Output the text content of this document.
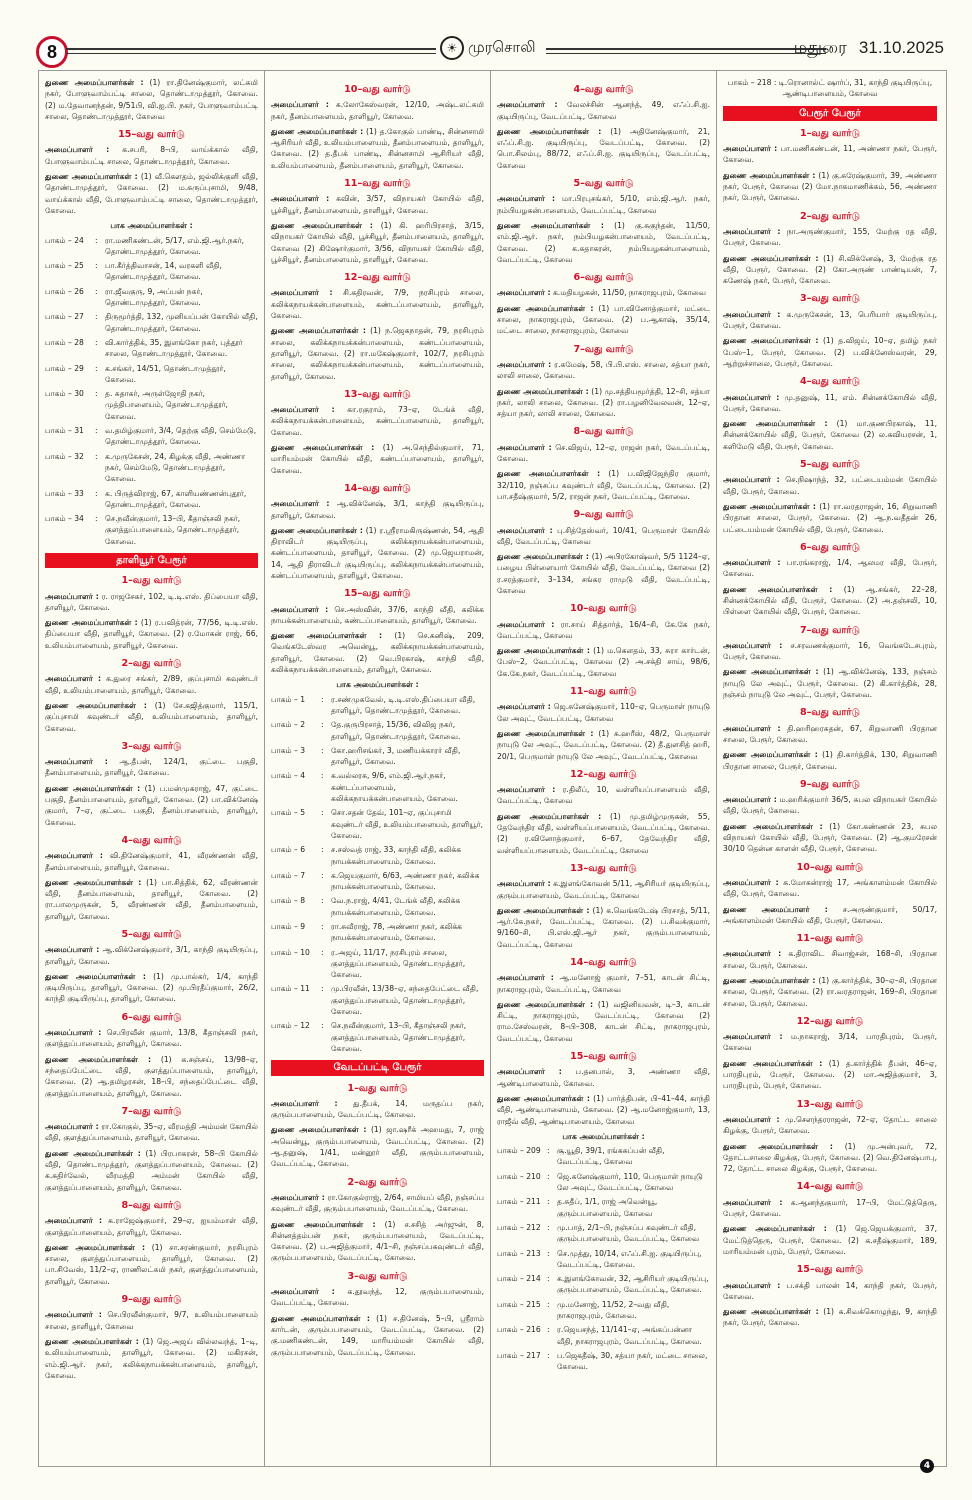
8	☀ முரசொலி	மதுரை 31.10.2025
துணை அமைப்பாளர்கள் : (1) ரா.தினேஷ்குமார், லட்சுமி நகர், போளுவாம்பட்டி சாலை, தொண்டாமுத்தூர், கோவை. (2) ம.தேவானந்தன், 9/51பி, வி.ஐ.பி. நகர், போளுவாம்பட்டி சாலை, தொண்டாமுத்தூர், கோவை
15–வது வார்டு
அமைப்பாளர் : க.சபரி, 8–பி, வாய்க்கால் வீதி, போளுவாம்பட்டி சாலை, தொண்டாமுத்தூர், கோவை.
துணை அமைப்பாளர்கள் : (1) வீ.கௌதம், ஜல்லிக்குளி வீதி, தொண்டாமுத்தூர், கோவை. (2) ம.சுருப்புசாமி, 9/48, வாய்க்கால் வீதி, போளுவாம்பட்டி சாலை, தொண்டாமுத்தூர், கோவை.
பாக அமைப்பாளர்கள் :
பாகம் – 24	: ரா.மணிகண்டன், 5/17, எம்.ஜி.ஆர்.நகர், தொண்டாமுத்தூர், கோவை.
பாகம் – 25	: பா.கீர்த்திவாசன், 14, வரகளி வீதி, தொண்டாமுத்தூர், கோவை.
பாகம் – 26	: ரா.ஜீவகுரு, 9, அப்பன் நகர், தொண்டாமுத்தூர், கோவை.
பாகம் – 27	: திருமூர்த்தி, 132, முனியப்பன் கோயில் வீதி, தொண்டாமுத்தூர், கோவை.
பாகம் – 28	: வி.கார்த்திக், 35, இளங்கோ நகர், புத்தூர் சாலை, தொண்டாமுத்தூர், கோவை.
பாகம் – 29	: க.சங்கர், 14/51, தொண்டாமுத்தூர், கோவை.
பாகம் – 30	: த. சுதாகர், அருள்ஜோதி நகர், முத்திபாளையம், தொண்டாமுத்தூர், கோவை.
பாகம் – 31	: வ.தமிழ்குமார், 3/4, தெற்கு வீதி, செம்மேடு, தொண்டாமுத்தூர், கோவை.
பாகம் – 32	: க.முருகேசன், 24, கிழக்கு வீதி, அண்ணா நகர், செம்மேடு, தொண்டாமுத்தூர், கோவை.
பாகம் – 33	: க. பிருத்விராஜ், 67, காளியண்ணன்புதூர், தொண்டாமுத்தூர், கோவை.
பாகம் – 34	: செ.நவீன்குமார், 13–பி, கீதாஞ்சலி நகர், குளத்துப்பாளையம், தொண்டாமுத்தூர், கோவை.
தாளியூர் பேரூர்
1–வது வார்டு
அமைப்பாளர் : ர. ராஜசேகர், 102, டி.டி.எஸ். திப்பையா வீதி, தாளியூர், கோவை.
துணை அமைப்பாளர்கள் : (1) ர.பவித்ரன், 77/56, டி.டி.எஸ். திப்பையா வீதி, தாளியூர், கோவை. (2) ர.மோகன் ராஜ், 66, உலியம்பாளையம், தாளியூர், கோவை.
2–வது வார்டு
அமைப்பாளர் : க.துரை சங்கர், 2/89, குப்புசாமி கவுண்டர் வீதி, உலியம்பாளையம், தாளியூர், கோவை.
துணை அமைப்பாளர்கள் : (1) சே.கஜித்குமார், 115/1, குப்புசாமி கவுண்டர் வீதி, உலியம்பாளையம், தாளியூர், கோவை.
3–வது வார்டு
அமைப்பாளர் : ஆ.தீபன், 124/1, குட்டை பகுதி, தீனம்பாளையம், தாளியூர், கோவை.
துணை அமைப்பாளர்கள் : (1) ப.மன்முகராஜ், 47, குட்டை பகுதி, தீனம்பாளையம், தாளியூர், கோவை. (2) பா.விக்னேஷ் குமார், 7–ஏ, குட்டை பகுதி, தீனம்பாளையம், தாளியூர், கோவை.
4–வது வார்டு
அமைப்பாளர் : வி.தினேஷ்குமார், 41, வீரண்ணன் வீதி, தீனம்பாளையம், தாளியூர், கோவை.
துணை அமைப்பாளர்கள் : (1) பா.சித்திக், 62, வீரண்ணன் வீதி, தீனம்பாளையம், தாளியூர், கோவை. (2) ரா.பாலமுருகன், 5, வீரண்ணன் வீதி, தீனம்பாளையம், தாளியூர், கோவை.
5–வது வார்டு
அமைப்பாளர் : ஆ.விக்னேஷ்குமார், 3/1, காந்தி குடியிருப்பு, தாளியூர், கோவை.
துணை அமைப்பாளர்கள் : (1) மு.பால்கர், 1/4, காந்தி குடியிருப்பு, தாளியூர், கோவை. (2) மு.பிரதீப்குமார், 26/2, காந்தி குடியிருப்பு, தாளியூர், கோவை.
6–வது வார்டு
அமைப்பாளர் : செ.பிரவீன் குமார், 13/8, கீதாஞ்சலி நகர், குளத்துப்பாளையம், தாளியூர், கோவை.
துணை அமைப்பாளர்கள் : (1) க.சஞ்சய், 13/98–ஏ, சந்தைப்பேட்டை வீதி, குளத்துப்பாளையம், தாளியூர், கோவை. (2) ஆ.தமிழரசன், 18–பி, சந்தைப்பேட்டை வீதி, குளத்துப்பாளையம், தாளியூர், கோவை.
7–வது வார்டு
அமைப்பாளர் : ரா.கோகுல், 35–ஏ, வீரமத்தி அம்மன் கோயில் வீதி, குளத்துப்பாளையம், தாளியூர், கோவை.
துணை அமைப்பாளர்கள் : (1) பிரபாகரன், 58–பி கோயில் வீதி, தொண்டாமுத்தூர், குளத்துப்பாளையம், கோவை. (2) க.கதிர்வேல், வீரமத்தி அம்மன் கோயில் வீதி, குளத்துப்பாளையம், தாளியூர், கோவை.
8–வது வார்டு
அமைப்பாளர் : க.ராஜேஷ்குமார், 29–ஏ, ஐயம்மாள் வீதி, குளத்துப்பாளையம், தாளியூர், கோவை.
துணை அமைப்பாளர்கள் : (1) சா.சரண்குமார், நரசிபுரம் சாலை, குளத்துப்பாளையம், தாளியூர், கோவை. (2) பா.சிவேஸ், 11/2–ஏ, ராணிலட்சுமி நகர், குளத்துப்பாளையம், தாளியூர், கோவை.
9–வது வார்டு
அமைப்பாளர் : செ.பிரவீன்குமார், 9/7, உலியம்பாளையம் சாலை, தாளியூர், கோவை
துணை அமைப்பாளர்கள் : (1) ஜெ.அஜய் வில்லவந்த், 1–டி, உலியம்பாளையம், தாளியூர், கோவை. (2) மகிரசன், எம்.ஜி.ஆர். நகர், கலிக்கநாயக்கன்பாளையம், தாளியூர், கோவை.
10–வது வார்டு
அமைப்பாளர் : க.லோகேஸ்வரன், 12/10, அஷ்டலட்சுமி நகர், தீனம்பாளையம், தாளியூர், கோவை.
துணை அமைப்பாளர்கள் : (1) த.கோகுல் பாண்டி, சின்னசாமி ஆசிரியர் வீதி, உலியம்பாளையம், தீனம்பாளையம், தாளியூர், கோவை. (2) த.தீபக் பாண்டி, சின்னசாமி ஆசிரியர் வீதி, உலியம்பாளையம், தீனம்பாளையம், தாளியூர், கோவை.
11–வது வார்டு
அமைப்பாளர் : கவின், 3/57, விநாயகர் கோயில் வீதி, பூச்சியூர், தீனம்பாளையம், தாளியூர், கோவை.
துணை அமைப்பாளர்கள் : (1) கி. ஹரிபிரசாத், 3/15, விநாயகர் கோயில் வீதி, பூச்சியூர், தீனம்பாளையம், தாளியூர், கோவை (2) கிஷோர்குமார், 3/56, விநாயகர் கோயில் வீதி, பூச்சியூர், தீனம்பாளையம், தாளியூர், கோவை.
12–வது வார்டு
அமைப்பாளர் : சி.கதிரவன், 7/9, நரசிபுரம் சாலை, கலிக்கநாயக்கன்பாளையம், கண்டப்பாளையம், தாளியூர், கோவை.
துணை அமைப்பாளர்கள் : (1) ந.ஜெகநாதன், 79, நரசிபுரம் சாலை, கலிக்கநாயக்கன்பாளையம், கண்டப்பாளையம், தாளியூர், கோவை. (2) ரா.மகேஷ்குமார், 102/7, நரசிபுரம் சாலை, கலிக்கநாயக்கன்பாளையம், கண்டப்பாளையம், தாளியூர், கோவை.
13–வது வார்டு
அமைப்பாளர் : கா.ரகுராம், 73–ஏ, டேங்க் வீதி, கலிக்கநாயக்கன்பாளையம், கண்டப்பாளையம், தாளியூர், கோவை.
துணை அமைப்பாளர்கள் : (1) அ.செந்தில்குமார், 71, மாரியம்மன் கோயில் வீதி, கண்டப்பாளையம், தாளியூர், கோவை.
14–வது வார்டு
அமைப்பாளர் : ஆ.விக்னேஷ், 3/1, காந்தி குடியிருப்பு, தாளியூர், கோவை.
துணை அமைப்பாளர்கள் : (1) ர.ஸ்ரீராமகிருஷ்ணன், 54, ஆதி திராவிடர் குடியிருப்பு, கலிக்கநாயக்கன்பாளையம், கண்டப்பாளையம், தாளியூர், கோவை. (2) மு.ஜெயராமன், 14, ஆதி திராவிடர் குடியிருப்பு, கலிக்கநாயக்கன்பாளையம், கண்டப்பாளையம், தாளியூர், கோவை.
15–வது வார்டு
அமைப்பாளர் : செ.அஸ்வின், 37/6, காந்தி வீதி, கலிக்க நாயக்கன்பாளையம், கண்டப்பாளையம், தாளியூர், கோவை.
துணை அமைப்பாளர்கள் : (1) செ.கனிஷ், 209, வெங்கடேஸ்வர அவென்யூ, கலிக்கநாயக்கன்பாளையம், தாளியூர், கோவை. (2) வெ.பிரகாஷ், காந்தி வீதி, கலிக்கநாயக்கன்பாளையம், தாளியூர், கோவை.
பாக அமைப்பாளர்கள் :
பாகம் – 1	: ர.சண்முகவேல், டி.டி.எஸ்.திப்பையா வீதி, தாளியூர், தொண்டாமுத்தூர், கோவை.
பாகம் – 2	: தே.குருபிரசாத், 15/36, விவிஜ நகர், தாளியூர், தொண்டாமுத்தூர், கோவை.
பாகம் – 3	: கோ.ஹரிசங்கர், 3, மணியக்காரர் வீதி, தாளியூர், கோவை.
பாகம் – 4	: க.வல்லரசு, 9/6, எம்.ஜி.ஆர்.நகர், கண்டப்பாளையம், கலிக்கநாயக்கன்பாளையம், கோவை.
பாகம் – 5	: சொ.சதன் தேவ், 101–ஏ, குப்புசாமி கவுண்டர் வீதி, உலியம்பாளையம், தாளியூர், கோவை.
பாகம் – 6	: ச.சஸ்வத் ராஜ், 33, காந்தி வீதி, கலிக்க நாயக்கன்பாளையம், கோவை.
பாகம் – 7	: க.ஜெயகுமார், 6/63, அண்ணா நகர், கலிக்க நாயக்கன்பாளையம், கோவை.
பாகம் – 8	: வே.ந.ராஜ், 4/41, டேங்க் வீதி, கலிக்க நாயக்கன்பாளையம், கோவை.
பாகம் – 9	: ரா.சுவீராஜ், 78, அண்ணா நகர், கலிக்க நாயக்கன்பாளையம், கோவை.
பாகம் – 10	: ர.அஜய், 11/17, நரசிபுரம் சாலை, குளத்துப்பாளையம், தொண்டாமுத்தூர், கோவை.
பாகம் – 11	: மு.பிரவீன், 13/38–ஏ, சந்தைபேட்டை வீதி, குளத்துப்பாளையம், தொண்டாமுத்தூர், கோவை.
பாகம் – 12	: செ.நவீன்குமார், 13–பி, கீதாஞ்சலி நகர், குளத்துப்பாளையம், தொண்டாமுத்தூர், கோவை.
வேடப்பட்டி பேரூர்
1–வது வார்டு
அமைப்பாளர் : து.தீபக், 14, மருதப்ப நகர், குரும்பபாளையம், வேடப்பட்டி, கோவை.
துணை அமைப்பாளர்கள் : (1) ஜா.ஷரீக் அஹமது, 7, ராஜ் அவென்யூ, குரும்பபாளையம், வேடப்பட்டி, கோவை. (2) ஆ.தனுஷ், 1/41, மன்னூர் வீதி, குரும்பபாளையம், வேடப்பட்டி, கோவை.
2–வது வார்டு
அமைப்பாளர் : ரா.கோகுல்ராஜ், 2/64, சாமியப் வீதி, நஞ்சப்ப கவுண்டர் வீதி, குரும்பபாளையம், வேடப்பட்டி, கோவை.
துணை அமைப்பாளர்கள் : (1) ச.சசித் அர்ஜுன், 8, சின்னத்தம்பன் நகர், குரும்பபாளையம், வேடப்பட்டி, கோவை. (2) ப.அஜித்குமார், 4/1–சி, நஞ்சப்பகவுண்டர் வீதி, குரும்பபாளையம், வேடப்பட்டி, கோவை.
3–வது வார்டு
அமைப்பாளர் : க.தூவந்த், 12, குரும்பபாளையம், வேடப்பட்டி, கோவை.
துணை அமைப்பாளர்கள் : (1) ச.தினேஷ், 5–பி, ஸ்ரீராம் கார்டன், குரும்பபாளையம், வேடப்பட்டி, கோவை. (2) கு.மணிகண்டன், 149, மாரியம்மன் கோயில் வீதி, குரும்பபாளையம், வேடப்பட்டி, கோவை.
4–வது வார்டு
அமைப்பாளர் : வேலச்சின் ஆனந்த், 49, எஃப்.சி.ஐ. குடியிருப்பு, வேடப்பட்டி, கோவை
துணை அமைப்பாளர்கள் : (1) அதினேஷ்குமார், 21, எஃப்.சி.ஐ. குடியிருப்பு, வேடப்பட்டி, கோவை. (2) பொ.சிலம்பு, 88/72, எஃப்.சி.ஐ. குடியிருப்பு, வேடப்பட்டி, கோவை
5–வது வார்டு
அமைப்பாளர் : மா.பிரபுசங்கர், 5/10, எம்.ஜி.ஆர். நகர், நம்பியழகன்பாளையம், வேடப்பட்டி, கோவை
துணை அமைப்பாளர்கள் : (1) கு.சுகுந்தன், 11/50, எம்.ஜி.ஆர். நகர், நம்பியழகன்பாளையம், வேடப்பட்டி, கோவை. (2) க.சுதாகரன், நம்பியழகன்பாளையம், வேடப்பட்டி, கோவை
6–வது வார்டு
அமைப்பாளர் : க.மதியழகன், 11/50, நாகராஜபுரம், கோவை
துணை அமைப்பாளர்கள் : (1) பா.வினோத்குமார், மட்டை சாலை, நாகராஜபுரம், கோவை. (2) ப.ஆகாஷ், 35/14, மட்டை சாலை, நாகராஜபுரம், கோவை
7–வது வார்டு
அமைப்பாளர் : ர.கமேஷ், 58, பி.பி.எஸ். சாலை, சத்யா நகர், லாலி சாலை, கோவை.
துணை அமைப்பாளர்கள் : (1) மு.சத்தியமூர்த்தி, 12–சி, சத்யா நகர், லாலி சாலை, கோவை. (2) ரா.பழனிவேலவன், 12–ஏ, சத்யா நகர், லாலி சாலை, கோவை.
8–வது வார்டு
அமைப்பாளர் : செ.விஜய், 12–ஏ, ராஜன் நகர், வேடப்பட்டி, கோவை.
துணை அமைப்பாளர்கள் : (1) ப.விஜிஜேந்திர குமார், 32/110, நஞ்சப்ப கவுண்டர் வீதி, வேடப்பட்டி, கோவை. (2) பா.சதீஷ்குமார், 5/2, ராஜன் நகர், வேடப்பட்டி, கோவை.
9–வது வார்டு
அமைப்பாளர் : பு.சித்தேஸ்வர், 10/41, பெருமாள் கோயில் வீதி, வேடப்பட்டி, கோவை
துணை அமைப்பாளர்கள் : (1) அபிரகோஷ்வர், 5/5 1124–ஏ, பழைய பிள்ளையார் கோயில் வீதி, வேடப்பட்டி, கோவை (2) ர.சரத்குமார், 3–134, சங்கர ராமுடு வீதி, வேடப்பட்டி, கோவை
10–வது வார்டு
அமைப்பாளர் : ரா.சாய் சித்தார்த், 16/4–சி, கே.கே நகர், வேடப்பட்டி, கோவை
துணை அமைப்பாளர்கள் : (1) ம.கௌதம், 33, சுரா கார்டன், பேஸ்–2, வேடப்பட்டி, கோவை (2) அ.சக்தி சாய், 98/6, கே.கே.நகர், வேடப்பட்டி, கோவை
11–வது வார்டு
அமைப்பாளர் : ஜெ.சுனேஷ்குமார், 110–ஏ, பெருமாள் நாயுடு லே அவுட், வேடப்பட்டி, கோவை
துணை அமைப்பாளர்கள் : (1) க.ஹரீஸ், 48/2, பெருமாள் நாயுடு லே அவுட், வேடப்பட்டி, கோவை. (2) தீ.துளசித் ஹரி, 20/1, பெருமாள் நாயுடு லே அவுட், வேடப்பட்டி, கோவை
12–வது வார்டு
அமைப்பாளர் : ர.திலீப், 10, வள்ளியப்பாளையம் வீதி, வேடப்பட்டி, கோவை
துணை அமைப்பாளர்கள் : (1) மு.தமிழ்முருகன், 55, தேவேந்திர வீதி, வள்ளியப்பாளையம், வேடப்பட்டி, கோவை. (2) ர.வினோத்குமார், 6–67, தேவேந்திர வீதி, வள்ளியப்பாளையம், வேடப்பட்டி, கோவை
13–வது வார்டு
அமைப்பாளர் : க.இளங்கோவன் 5/11, ஆசிரியர் குடியிருப்பு, குரும்பபாளையம், வேடப்பட்டி, கோவை
துணை அமைப்பாளர்கள் : (1) க.வெங்கடேஷ் பிரசாத், 5/11, ஆர்.கே.நகர், வேடப்பட்டி, கோவை. (2) ப.சிவக்குமார், 9/160–சி, பி.எஸ்.ஜி.ஆர் நகர், குரும்பபாளையம், வேடப்பட்டி, கோவை
14–வது வார்டு
அமைப்பாளர் : ஆ.மனோஜ் குமார், 7–51, காடன் சிட்டி, நாகராஜபுரம், வேடப்பட்டி, கோவை
துணை அமைப்பாளர்கள் : (1) வஜினியவன், டி–3, காடன் சிட்டி, நாகராஜபுரம், வேடப்பட்டி, கோவை (2) ராம.சேஸ்வரன், 8–பி–308, காடன் சிட்டி, நாகராஜபுரம், வேடப்பட்டி, கோவை
15–வது வார்டு
அமைப்பாளர் : ப.தனபால், 3, அண்ணா வீதி, ஆண்டிபாளையம், கோவை.
துணை அமைப்பாளர்கள் : (1) பார்த்திபன், பி–41–44, காந்தி வீதி, ஆண்டிபாளையம், கோவை. (2) ஆ.மனோஜ்குமார், 13, ராஜீவ் வீதி, ஆண்டிபாளையம், கோவை
பாக அமைப்பாளர்கள் :
பாகம் – 209 : சூ.யூதி, 39/1, ரங்கசுப்பன் வீதி, வேடப்பட்டி, கோவை
பாகம் – 210 : ஜெ.சுனேஷ்குமார், 110, பெருமாள் நாயுடு லே அவுட், வேடப்பட்டி, கோவை
பாகம் – 211 : த.சுதீப், 1/1, ராஜ் அவென்யூ, குரும்பபாளையம், கோவை
பாகம் – 212 : மு.பாத், 2/1–பி, நஞ்சப்ப கவுண்டர் வீதி, குரும்பபாளையம், வேடப்பட்டி, கோவை
பாகம் – 213 : செ.முத்து, 10/14, எஃப்.சி.ஐ. குடியிருப்பு, வேடப்பட்டி, கோவை.
பாகம் – 214 : க.இளங்கோவன், 32, ஆசிரியர் குடியிருப்பு, குரும்பபாளையம், வேடப்பட்டி, கோவை.
பாகம் – 215 : மு.மனோஜ், 11/52, 2–வது வீதி, நாகராஜபுரம், கோவை.
பாகம் – 216 : ர.ஜெயசந்த், 11/141–ஏ, அங்கப்பன்னா வீதி, நாகராஜபுரம், வேடப்பட்டி, கோவை.
பாகம் – 217 : ப.ஜெகதீஷ், 30, சத்யா நகர், மட்டை சாலை, கோவை.
பாகம் – 218 : டி.ரொனால்ட் ஷார்ப், 31, காந்தி குடியிருப்பு, ஆண்டிபாளையம், கோவை
பேரூர் பேரூர்
1–வது வார்டு
அமைப்பாளர் : பா.மணிகண்டன், 11, அண்ணா நகர், பேரூர், கோவை.
துணை அமைப்பாளர்கள் : (1) கு.சுரேஷ்குமார், 39, அண்ணா நகர், பேரூர், கோவை (2) மோ.நாகமாணிக்கம், 56, அண்ணா நகர், பேரூர், கோவை.
2–வது வார்டு
அமைப்பாளர் : நா.அருண்குமார், 155, மேற்கு ரத வீதி, பேரூர், கோவை.
துணை அமைப்பாளர்கள் : (1) சி.விக்னேஷ், 3, மேற்கு ரத வீதி, பேரூர், கோவை. (2) கோ.அருண் பாண்டியன், 7, கணேஷ் நகர், பேரூர், கோவை.
3–வது வார்டு
அமைப்பாளர் : க.முருகேசன், 13, பெரியார் குடியிருப்பு, பேரூர், கோவை.
துணை அமைப்பாளர்கள் : (1) த.விஜய், 10–ஏ, தமிழ் நகர் பேஸ்–1, பேரூர், கோவை. (2) ப.விக்னேஸ்வரன், 29, ஆற்றுச்சாலை, பேரூர், கோவை.
4–வது வார்டு
அமைப்பாளர் : மு.தனுஷ், 11, எம். சின்னக்கோயில் வீதி, பேரூர், கோவை.
துணை அமைப்பாளர்கள் : (1) மா.குணபிரகாஷ், 11, சின்னக்கோயில் வீதி, பேரூர், கோவை (2) ல.கவியரசன், 1, களிமேடு வீதி, பேரூர், கோவை.
5–வது வார்டு
அமைப்பாளர் : செ.நிஷாந்த், 32, பட்டையம்மன் கோயில் வீதி, பேரூர், கோவை.
துணை அமைப்பாளர்கள் : (1) ரா.வரதராஜன், 16, சிறுவாணி பிரதான சாலை, பேரூர், கோவை. (2) ஆ.ந.வதீதன் 26, பட்டையம்மன் கோயில் வீதி, பேரூர், கோவை.
6–வது வார்டு
அமைப்பாளர் : பா.ரங்கராஜ், 1/4, ஆலமர வீதி, பேரூர், கோவை.
துணை அமைப்பாளர்கள் : (1) ஆ.சங்கர், 22–28, சின்னக்கோயில் வீதி, பேரூர், கோவை. (2) அ.தஞ்சலி, 10, பிள்ளை கோயில் வீதி, பேரூர், கோவை.
7–வது வார்டு
அமைப்பாளர் : ச.சரவணக்குமார், 16, வெங்கடேசபுரம், பேரூர், கோவை.
துணை அமைப்பாளர்கள் : (1) ஆ.விக்னேஷ், 133, நஞ்சம் நாயுடு லே அவுட், பேரூர், கோவை. (2) கி.கார்த்திக், 28, நஞ்சம் நாயுடு லே அவுட், பேரூர், கோவை.
8–வது வார்டு
அமைப்பாளர் : தி.ஹரிஹரசுதன், 67, சிறுவாணி பிரதான சாலை, பேரூர், கோவை.
துணை அமைப்பாளர்கள் : (1) தி.கார்த்திக், 130, சிறுவாணி பிரதான சாலை, பேரூர், கோவை.
9–வது வார்டு
அமைப்பாளர் : ம.ஹரிக்குமார் 36/5, சுபல விநாயகர் கோயில் வீதி, பேரூர், கோவை.
துணை அமைப்பாளர்கள் : (1) கோ.கண்ணன் 23, சுபல விநாயகர் கோயில் வீதி, பேரூர், கோவை. (2) ஆ.குமரேசன் 30/10 தென்ன காளன் வீதி, பேரூர், கோவை.
10–வது வார்டு
அமைப்பாளர் : க.மோகன்ராஜ் 17, அங்காளம்மன் கோயில் வீதி, பேரூர், கோவை.
துணை அமைப்பாளர் : ச.அருண்குமார், 50/17, அங்காளம்மன் கோயில் வீதி, பேரூர், கோவை.
11–வது வார்டு
அமைப்பாளர் : க.திராவிட சிவாஜ்சன், 168–சி, பிரதான சாலை, பேரூர், கோவை.
துணை அமைப்பாளர்கள் : (1) கு.கார்த்திக், 30–ஏ–சி, பிரதான சாலை, பேரூர், கோவை. (2) ரா.வரதராஜன், 169–சி, பிரதான சாலை, பேரூர், கோவை.
12–வது வார்டு
அமைப்பாளர் : ம.நாகராஜ், 3/14, பாரதிபுரம், பேரூர், கோவை
துணை அமைப்பாளர்கள் : (1) த.கார்த்திக் தீபன், 46–ஏ, பாரதிபுரம், பேரூர், கோவை. (2) மா.அஜித்குமார், 3, பாரதிபுரம், பேரூர், கோவை.
13–வது வார்டு
அமைப்பாளர் : மு.சௌந்தரராஜன், 72–ஏ, தோட்ட சாலை கிழக்கு, பேரூர், கோவை.
துணை அமைப்பாளர்கள் : (1) மு.அன்புவர், 72, தோட்டசாலை கிழக்கு, பேரூர், கோவை. (2) வெ.தினேஷ்பாபு, 72, தோட்ட சாலை கிழக்கு, பேரூர், கோவை.
14–வது வார்டு
அமைப்பாளர் : க.ஆனந்தகுமார், 17–பி, மேட்டுத்தெரு, பேரூர், கோவை.
துணை அமைப்பாளர்கள் : (1) ஜெ.ஜெயக்குமார், 37, மேட்டுத்தெரு, பேரூர், கோவை. (2) க.சதீஷ்குமார், 189, மாரியம்மன் புரம், பேரூர், கோவை.
15–வது வார்டு
அமைப்பாளர் : ப.சக்தி பாலன் 14, காந்தி நகர், பேரூர், கோவை.
துணை அமைப்பாளர்கள் : (1) க.சிவக்கொழுந்து, 9, காந்தி நகர், பேரூர், கோவை.
4
